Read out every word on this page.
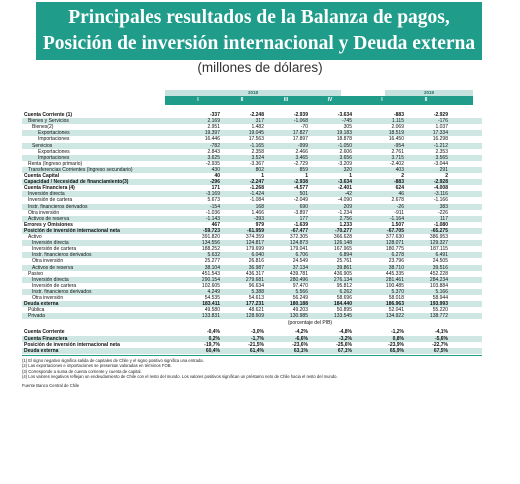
Principales resultados de la Balanza de pagos,
Posición de inversión internacional y Deuda externa
(millones de dólares)
2018	2019
I	II	III	IV	I	II
Cuenta Corriente (1)	-337	-2.248	-2.939	-3.634	-883	-2.929
Bienes y Servicios	2.169	317	-1.068	-745	1.115	-176
Bienes(2)	2.951	1.482	-70	305	2.069	1.037
Exportaciones	19.397	19.045	17.827	19.183	18.519	17.334
Importaciones	16.446	17.563	17.897	18.878	16.450	16.298
Servicios	-782	-1.165	-999	-1.050	-954	-1.212
Exportaciones	2.843	2.358	2.466	2.606	2.761	2.353
Importaciones	3.625	3.524	3.465	3.656	3.715	3.565
Renta (Ingreso primario)	-2.935	-3.367	-2.729	-3.209	-2.402	-3.044
Transferencias Corrientes (Ingreso secundario)	430	802	859	320	403	291
Cuenta Capital	40	1	1	1	2	2
Capacidad / Necesidad de financiamiento(3)	-296	-2.247	-2.938	-3.634	-883	-2.928
Cuenta Financiera (4)	171	-1.268	-4.577	-2.401	624	-4.008
Inversión directa	-3.169	-1.424	501	-42	46	-3.116
Inversión de cartera	5.673	-1.084	-2.049	-4.090	2.678	-1.166
Instr. financieros derivados	-154	168	690	209	-26	383
Otra inversión	-1.036	1.466	-3.897	-1.234	-911	-226
Activos de reserva	-1.143	-393	177	2.756	-1.164	117
Errores y Omisiones	467	979	-1.639	1.233	1.507	-1.080
Posición de inversión internacional neta	-59.723	-61.959	-67.477	-70.277	-67.705	-65.275
Activo	391.820	374.359	372.305	366.628	377.630	386.953
Inversión directa	134.556	124.817	124.873	126.148	128.071	129.327
Inversión de cartera	188.252	179.699	179.041	167.965	180.775	187.115
Instr. financieros derivados	5.632	6.040	6.706	6.894	6.278	6.491
Otra inversión	25.277	26.816	24.549	25.761	23.796	24.505
Activos de reserva	38.104	36.987	37.134	39.861	38.710	39.516
Pasivo	451.543	436.317	439.781	436.905	445.335	452.228
Inversión directa	290.154	279.681	280.496	276.134	281.461	284.234
Inversión de cartera	102.605	96.634	97.470	95.812	100.485	103.884
Instr. financieros derivados	4.249	5.388	5.566	6.262	5.370	5.166
Otra inversión	54.535	54.613	56.249	58.696	58.018	58.944
Deuda externa	183.411	177.231	180.188	184.440	186.963	193.993
Pública	49.580	48.621	49.203	50.895	52.041	55.220
Privada	133.831	128.609	130.985	133.545	134.922	138.772
(porcentaje del PIB)
Cuenta Corriente	-0,4%	-3,0%	-4,2%	-4,8%	-1,2%	-4,1%
Cuenta Financiera	0,2%	-1,7%	-6,6%	-3,2%	0,8%	-5,6%
Posición de inversión internacional neta	-19,7%	-21,5%	-23,6%	-25,6%	-23,9%	-22,7%
Deuda externa	60,4%	61,4%	63,1%	67,1%	65,9%	67,5%
(1) El signo negativo significa salida de capitales de Chile y el signo positivo significa una entrada.
(2) Las exportaciones e importaciones se presentan valoradas en términos FOB.
(3) Corresponde a suma de cuenta corriente y cuenta de capital.
(4) Los valores negativos reflejan un endeudamiento de Chile con el resto del mundo. Los valores positivos significan un préstamo neto de Chile hacia el resto del mundo.
Fuente Banco Central de Chile
